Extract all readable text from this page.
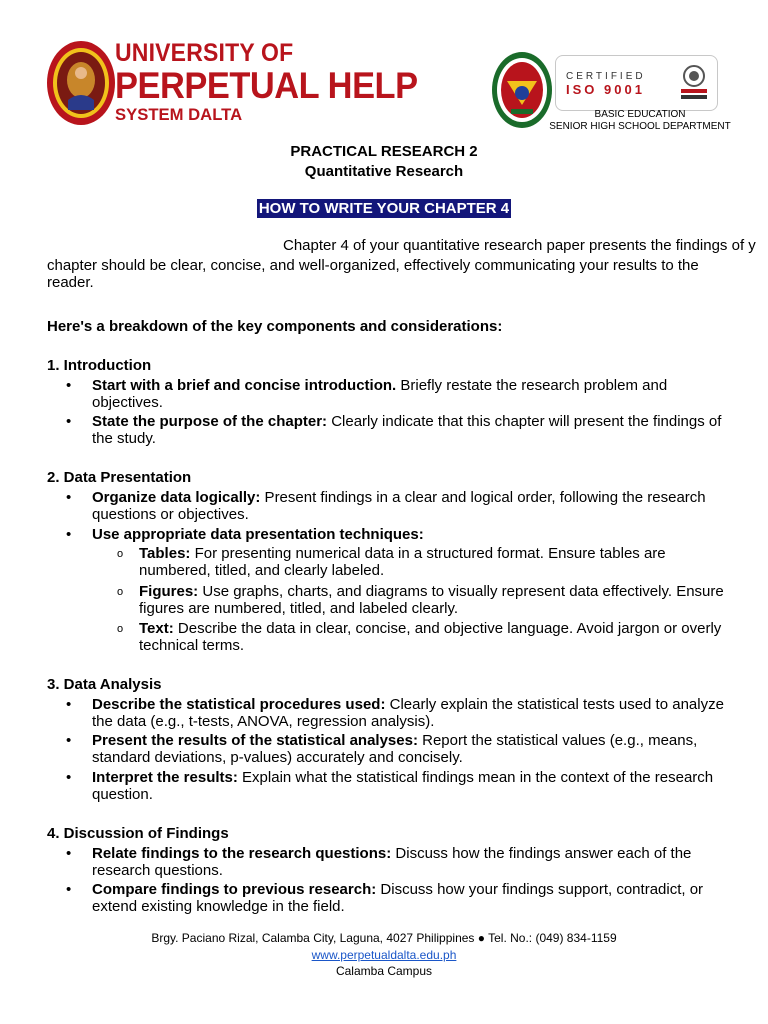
UNIVERSITY OF
PERPETUAL HELP
SYSTEM DALTA
CERTIFIED
ISO 9001
BASIC EDUCATION
SENIOR HIGH SCHOOL DEPARTMENT
PRACTICAL RESEARCH 2
Quantitative Research
HOW TO WRITE YOUR CHAPTER 4
Chapter 4 of your quantitative research paper presents the findings of y
chapter should be clear, concise, and well-organized, effectively communicating your results to the
reader.
Here's a breakdown of the key components and considerations:
1. Introduction
• Start with a brief and concise introduction. Briefly restate the research problem and objectives.
• State the purpose of the chapter: Clearly indicate that this chapter will present the findings of the study.
2. Data Presentation
• Organize data logically: Present findings in a clear and logical order, following the research questions or objectives.
• Use appropriate data presentation techniques:
o Tables: For presenting numerical data in a structured format. Ensure tables are numbered, titled, and clearly labeled.
o Figures: Use graphs, charts, and diagrams to visually represent data effectively. Ensure figures are numbered, titled, and labeled clearly.
o Text: Describe the data in clear, concise, and objective language. Avoid jargon or overly technical terms.
3. Data Analysis
• Describe the statistical procedures used: Clearly explain the statistical tests used to analyze the data (e.g., t-tests, ANOVA, regression analysis).
• Present the results of the statistical analyses: Report the statistical values (e.g., means, standard deviations, p-values) accurately and concisely.
• Interpret the results: Explain what the statistical findings mean in the context of the research question.
4. Discussion of Findings
• Relate findings to the research questions: Discuss how the findings answer each of the research questions.
• Compare findings to previous research: Discuss how your findings support, contradict, or extend existing knowledge in the field.
Brgy. Paciano Rizal, Calamba City, Laguna, 4027 Philippines ● Tel. No.: (049) 834-1159
www.perpetualdalta.edu.ph
Calamba Campus
